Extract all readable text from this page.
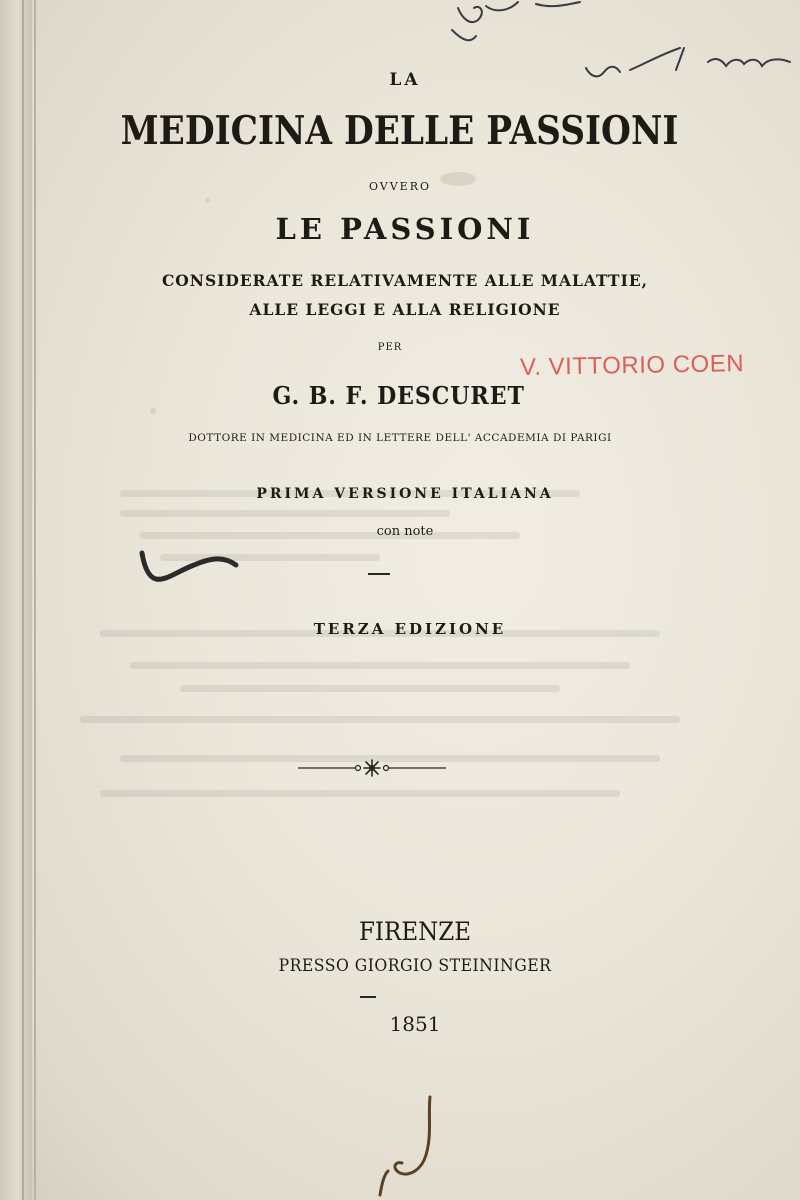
LA
MEDICINA DELLE PASSIONI
OVVERO
LE PASSIONI
CONSIDERATE RELATIVAMENTE ALLE MALATTIE,
ALLE LEGGI E ALLA RELIGIONE
PER
G. B. F. DESCURET
DOTTORE IN MEDICINA ED IN LETTERE DELL' ACCADEMIA DI PARIGI
PRIMA VERSIONE ITALIANA
con note
TERZA EDIZIONE
FIRENZE
PRESSO GIORGIO STEININGER
1851
V. VITTORIO COEN
